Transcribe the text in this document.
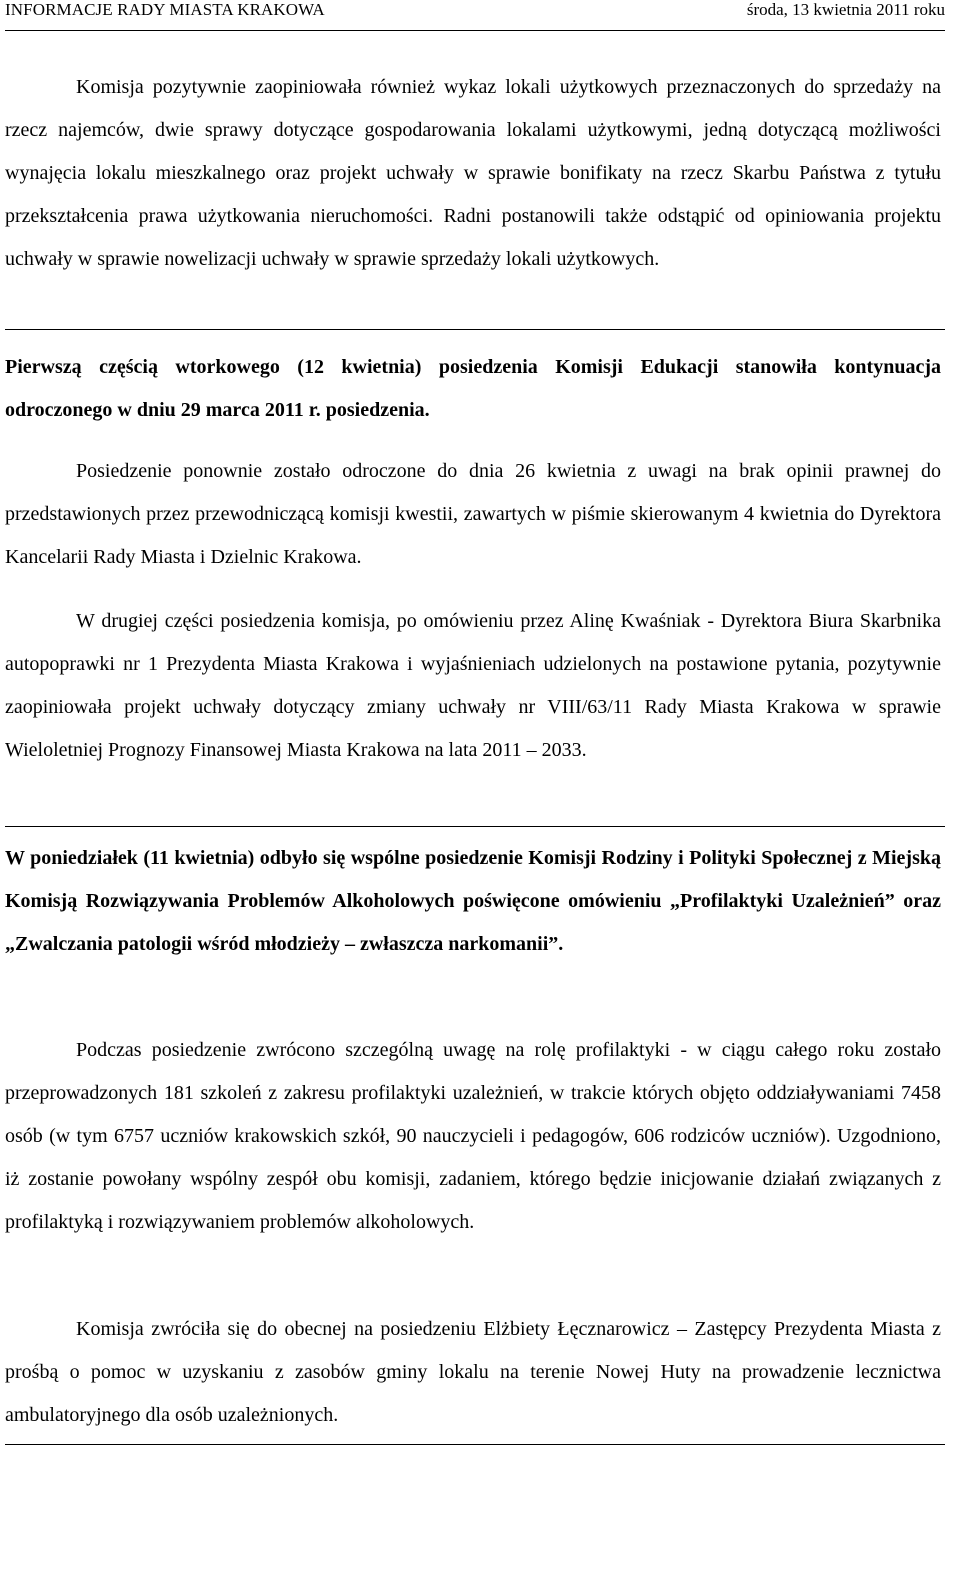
INFORMACJE RADY MIASTA KRAKOWA	środa, 13 kwietnia 2011 roku

Komisja pozytywnie zaopiniowała również wykaz lokali użytkowych przeznaczonych do sprzedaży na rzecz najemców, dwie sprawy dotyczące gospodarowania lokalami użytkowymi, jedną dotyczącą możliwości wynajęcia lokalu mieszkalnego oraz projekt uchwały w sprawie bonifikaty na rzecz Skarbu Państwa z tytułu przekształcenia prawa użytkowania nieruchomości. Radni postanowili także odstąpić od opiniowania projektu uchwały w sprawie nowelizacji uchwały w sprawie sprzedaży lokali użytkowych.

Pierwszą częścią wtorkowego (12 kwietnia) posiedzenia Komisji Edukacji stanowiła kontynuacja odroczonego w dniu 29 marca 2011 r. posiedzenia.

Posiedzenie ponownie zostało odroczone do dnia 26 kwietnia z uwagi na brak opinii prawnej do przedstawionych przez przewodniczącą komisji kwestii, zawartych w piśmie skierowanym 4 kwietnia do Dyrektora Kancelarii Rady Miasta i Dzielnic Krakowa.

W drugiej części posiedzenia komisja, po omówieniu przez Alinę Kwaśniak - Dyrektora Biura Skarbnika autopoprawki nr 1 Prezydenta Miasta Krakowa i wyjaśnieniach udzielonych na postawione pytania, pozytywnie zaopiniowała projekt uchwały dotyczący zmiany uchwały nr VIII/63/11 Rady Miasta Krakowa w sprawie Wieloletniej Prognozy Finansowej Miasta Krakowa na lata 2011 – 2033.

W poniedziałek (11 kwietnia) odbyło się wspólne posiedzenie Komisji Rodziny i Polityki Społecznej z Miejską Komisją Rozwiązywania Problemów Alkoholowych poświęcone omówieniu „Profilaktyki Uzależnień” oraz „Zwalczania patologii wśród młodzieży – zwłaszcza narkomanii”.

Podczas posiedzenie zwrócono szczególną uwagę na rolę profilaktyki - w ciągu całego roku zostało przeprowadzonych 181 szkoleń z zakresu profilaktyki uzależnień, w trakcie których objęto oddziaływaniami 7458 osób (w tym 6757 uczniów krakowskich szkół, 90 nauczycieli i pedagogów, 606 rodziców uczniów). Uzgodniono, iż zostanie powołany wspólny zespół obu komisji, zadaniem, którego będzie inicjowanie działań związanych z profilaktyką i rozwiązywaniem problemów alkoholowych.

Komisja zwróciła się do obecnej na posiedzeniu Elżbiety Łęcznarowicz – Zastępcy Prezydenta Miasta z prośbą o pomoc w uzyskaniu z zasobów gminy lokalu na terenie Nowej Huty na prowadzenie lecznictwa ambulatoryjnego dla osób uzależnionych.
